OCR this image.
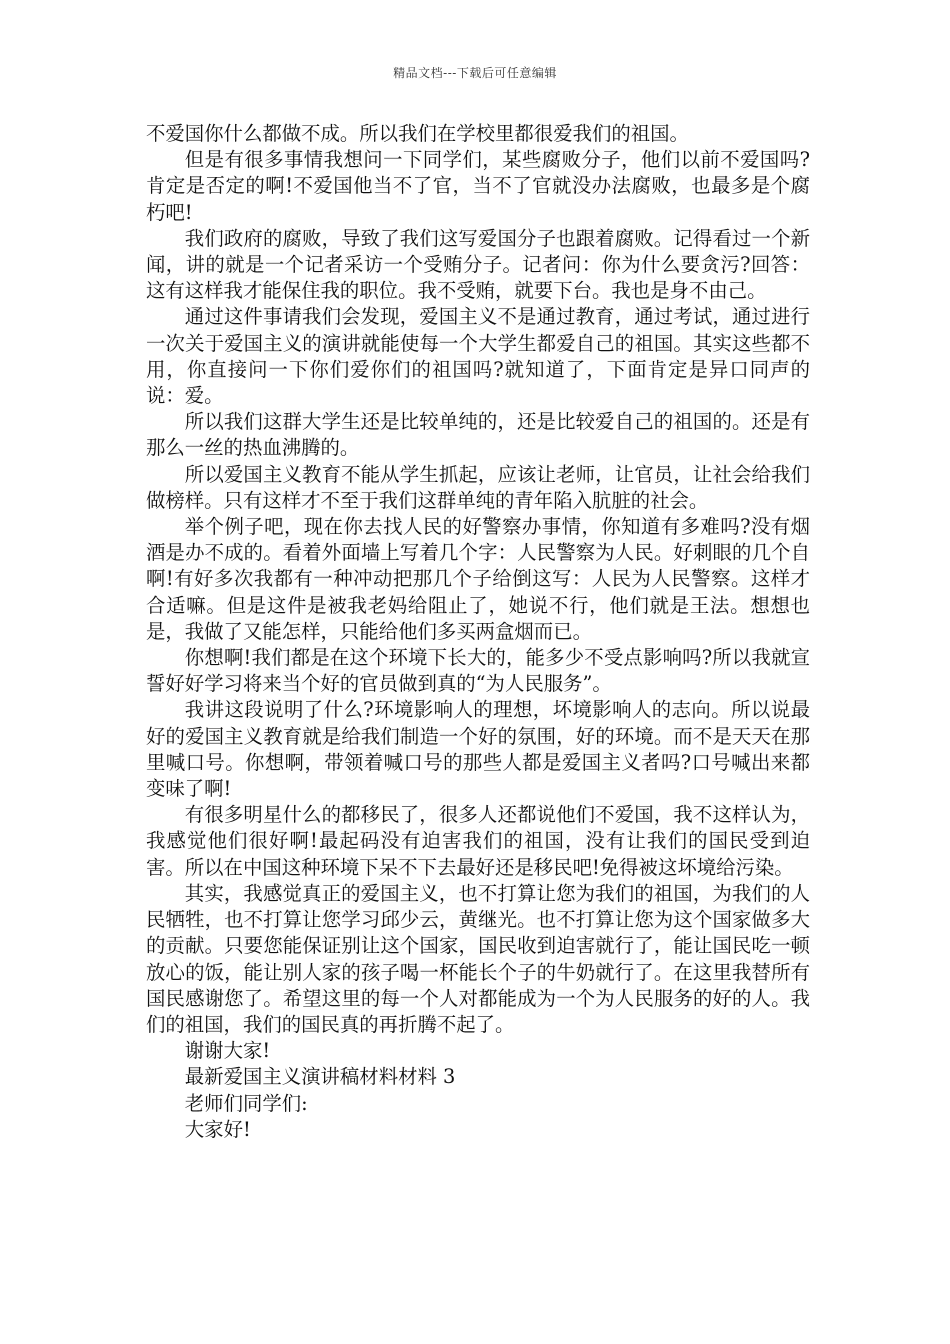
精品文档---下载后可任意编辑

不爱国你什么都做不成。所以我们在学校里都很爱我们的祖国。

但是有很多事情我想问一下同学们，某些腐败分子，他们以前不爱国吗?肯定是否定的啊!不爱国他当不了官，当不了官就没办法腐败，也最多是个腐朽吧!

我们政府的腐败，导致了我们这写爱国分子也跟着腐败。记得看过一个新闻，讲的就是一个记者采访一个受贿分子。记者问：你为什么要贪污?回答：这有这样我才能保住我的职位。我不受贿，就要下台。我也是身不由己。

通过这件事请我们会发现，爱国主义不是通过教育，通过考试，通过进行一次关于爱国主义的演讲就能使每一个大学生都爱自己的祖国。其实这些都不用，你直接问一下你们爱你们的祖国吗?就知道了，下面肯定是异口同声的说：爱。

所以我们这群大学生还是比较单纯的，还是比较爱自己的祖国的。还是有那么一丝的热血沸腾的。

所以爱国主义教育不能从学生抓起，应该让老师，让官员，让社会给我们做榜样。只有这样才不至于我们这群单纯的青年陷入肮脏的社会。

举个例子吧，现在你去找人民的好警察办事情，你知道有多难吗?没有烟酒是办不成的。看着外面墙上写着几个字：人民警察为人民。好刺眼的几个自啊!有好多次我都有一种冲动把那几个子给倒这写：人民为人民警察。这样才合适嘛。但是这件是被我老妈给阻止了，她说不行，他们就是王法。想想也是，我做了又能怎样，只能给他们多买两盒烟而已。

你想啊!我们都是在这个环境下长大的，能多少不受点影响吗?所以我就宣誓好好学习将来当个好的官员做到真的“为人民服务”。

我讲这段说明了什么?环境影响人的理想，坏境影响人的志向。所以说最好的爱国主义教育就是给我们制造一个好的氛围，好的环境。而不是天天在那里喊口号。你想啊，带领着喊口号的那些人都是爱国主义者吗?口号喊出来都变味了啊!

有很多明星什么的都移民了，很多人还都说他们不爱国，我不这样认为，我感觉他们很好啊!最起码没有迫害我们的祖国，没有让我们的国民受到迫害。所以在中国这种环境下呆不下去最好还是移民吧!免得被这坏境给污染。

其实，我感觉真正的爱国主义，也不打算让您为我们的祖国，为我们的人民牺牲，也不打算让您学习邱少云，黄继光。也不打算让您为这个国家做多大的贡献。只要您能保证别让这个国家，国民收到迫害就行了，能让国民吃一顿放心的饭，能让别人家的孩子喝一杯能长个子的牛奶就行了。在这里我替所有国民感谢您了。希望这里的每一个人对都能成为一个为人民服务的好的人。我们的祖国，我们的国民真的再折腾不起了。

谢谢大家!

最新爱国主义演讲稿材料材料 3

老师们同学们:

大家好!
